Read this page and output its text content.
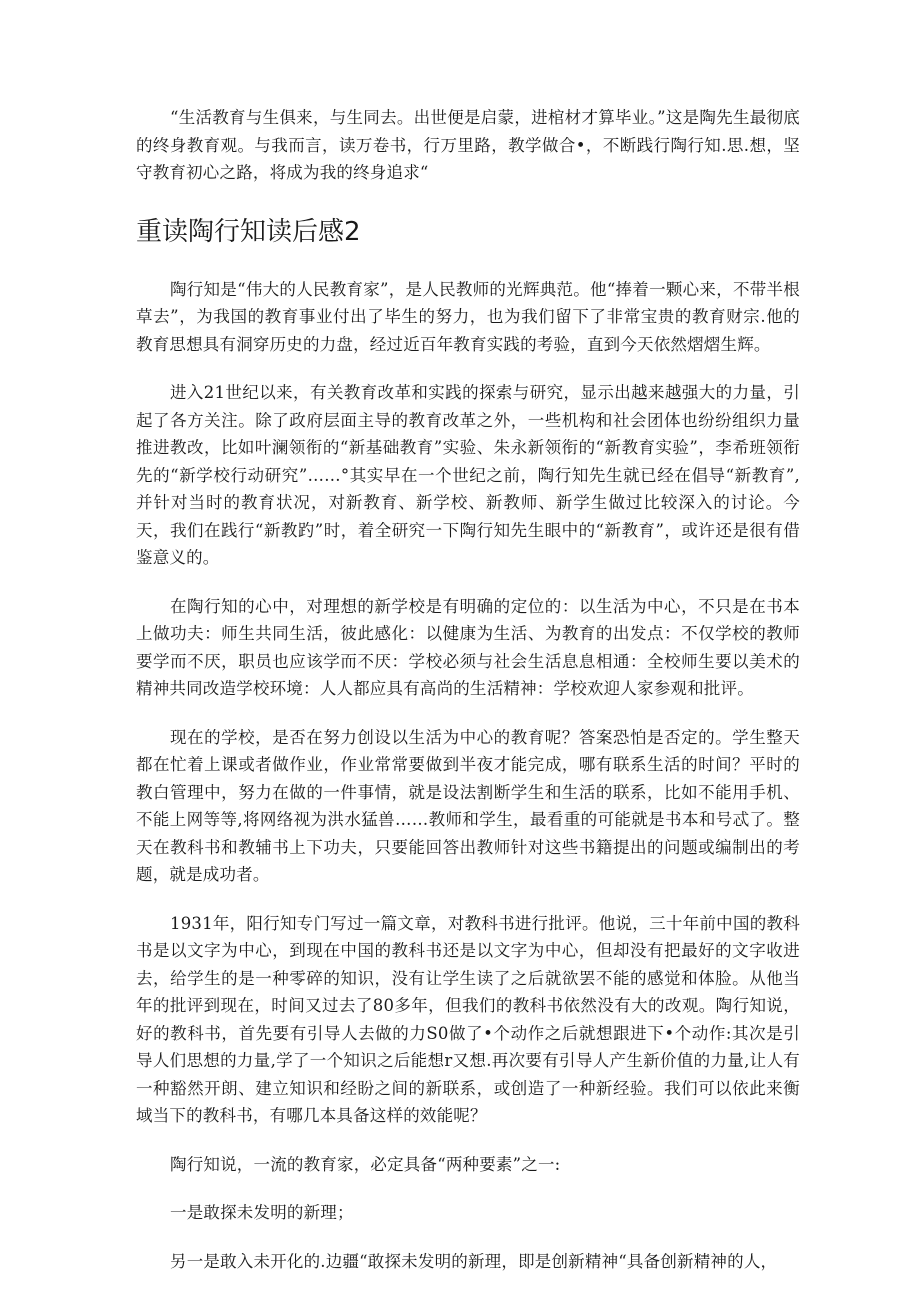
“生活教育与生俱来，与生同去。出世便是启蒙，进棺材才算毕业。”这是陶先生最彻底的终身教育观。与我而言，读万卷书，行万里路，教学做合•，不断践行陶行知.思.想，坚守教育初心之路，将成为我的终身追求“

重读陶行知读后感2

陶行知是“伟大的人民教育家”，是人民教师的光辉典范。他“捧着一颗心来，不带半根草去”，为我国的教育事业付出了毕生的努力，也为我们留下了非常宝贵的教育财宗.他的教育思想具有洞穿历史的力盘，经过近百年教育实践的考验，直到今天依然熠熠生辉。

进入21世纪以来，有关教育改革和实践的探索与研究，显示出越来越强大的力量，引起了各方关注。除了政府层面主导的教育改革之外，一些机构和社会团体也纷纷组织力量推进教改，比如叶澜领衔的“新基础教育”实验、朱永新领衔的“新教育实验”，李希班领衔先的“新学校行动研究”……°其实早在一个世纪之前，陶行知先生就已经在倡导“新教育”,并针对当时的教育状况，对新教育、新学校、新教师、新学生做过比较深入的讨论。今天，我们在践行“新教趵”时，着全研究一下陶行知先生眼中的“新教育”，或许还是很有借鉴意义的。

在陶行知的心中，对理想的新学校是有明确的定位的：以生活为中心，不只是在书本上做功夫：师生共同生活，彼此感化：以健康为生活、为教育的出发点：不仅学校的教师要学而不厌，职员也应该学而不厌：学校必须与社会生活息息相通：全校师生要以美术的精神共同改造学校环境：人人都应具有高尚的生活精神：学校欢迎人家参观和批评。

现在的学校，是否在努力创设以生活为中心的教育呢？答案恐怕是否定的。学生整天都在忙着上课或者做作业，作业常常要做到半夜才能完成，哪有联系生活的时间？平时的教白管理中，努力在做的一件事情，就是设法割断学生和生活的联系，比如不能用手机、不能上网等等,将网络视为洪水猛兽……教师和学生，最看重的可能就是书本和号忒了。整天在教科书和教辅书上下功夫，只要能回答出教师针对这些书籍提出的问题或编制出的考题，就是成功者。

1931年，阳行知专门写过一篇文章，对教科书进行批评。他说，三十年前中国的教科书是以文字为中心，到现在中国的教科书还是以文字为中心，但却没有把最好的文字收进去，给学生的是一种零碎的知识，没有让学生读了之后就欲罢不能的感觉和体脸。从他当年的批评到现在，时间又过去了80多年，但我们的教科书依然没有大的改观。陶行知说，好的教科书，首先要有引导人去做的力S0做了•个动作之后就想跟进下•个动作:其次是引导人们思想的力量,学了一个知识之后能想r又想.再次要有引导人产生新价值的力量,让人有一种豁然开朗、建立知识和经盼之间的新联系，或创造了一种新经验。我们可以依此来衡域当下的教科书，有哪几本具备这样的效能呢？

陶行知说，一流的教育家，必定具备“两种要素”之一:

一是敢探未发明的新理；

另一是敢入未开化的.边疆“敢探未发明的新理，即是创新精神“具备创新精神的人，
